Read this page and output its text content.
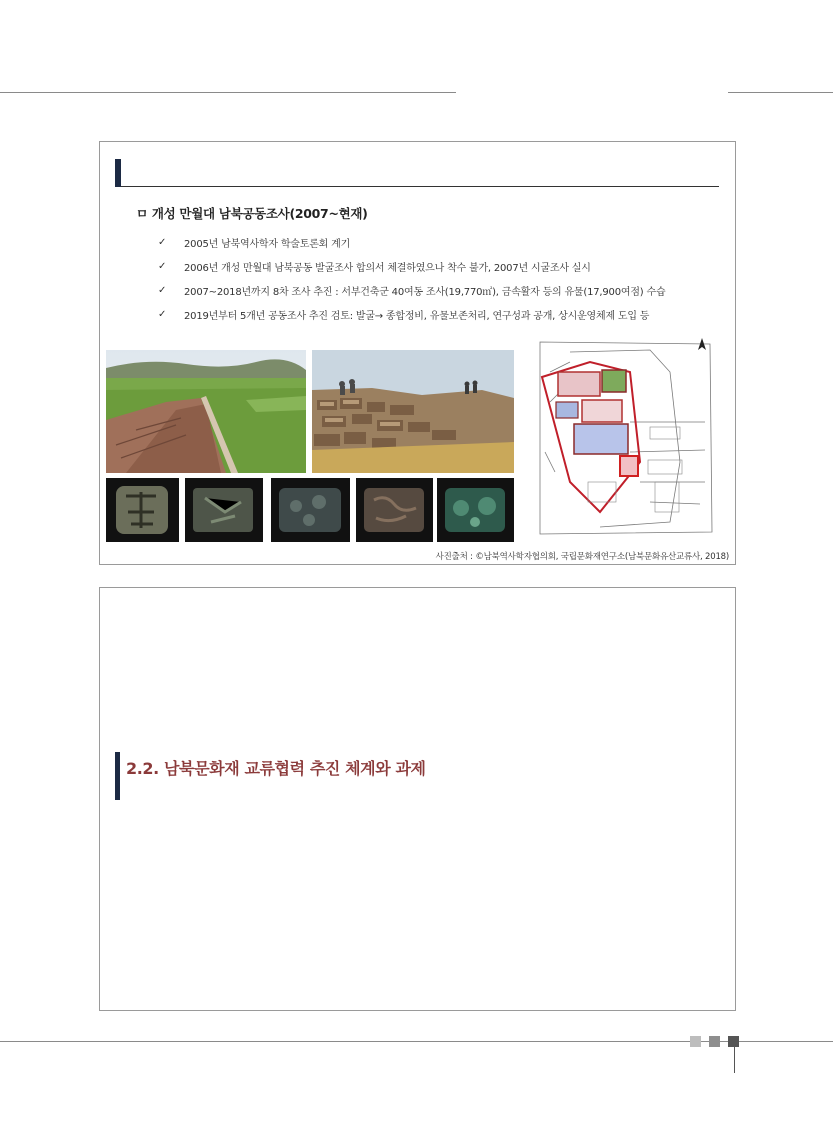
ㅁ 개성 만월대 남북공동조사(2007~현재)
✓	2005년 남북역사학자 학술토론회 계기
✓	2006년 개성 만월대 남북공동 발굴조사 합의서 체결하였으나 착수 불가, 2007년 시굴조사 실시
✓	2007~2018년까지 8차 조사 추진 : 서부건축군 40여동 조사(19,770㎡), 금속활자 등의 유물(17,900여점) 수습
✓	2019년부터 5개년 공동조사 추진 검토: 발굴→ 종합정비, 유물보존처리, 연구성과 공개, 상시운영체제 도입 등
사진출처 : ©남북역사학자협의회, 국립문화재연구소(남북문화유산교류사, 2018)
2.2. 남북문화재 교류협력 추진 체계와 과제
